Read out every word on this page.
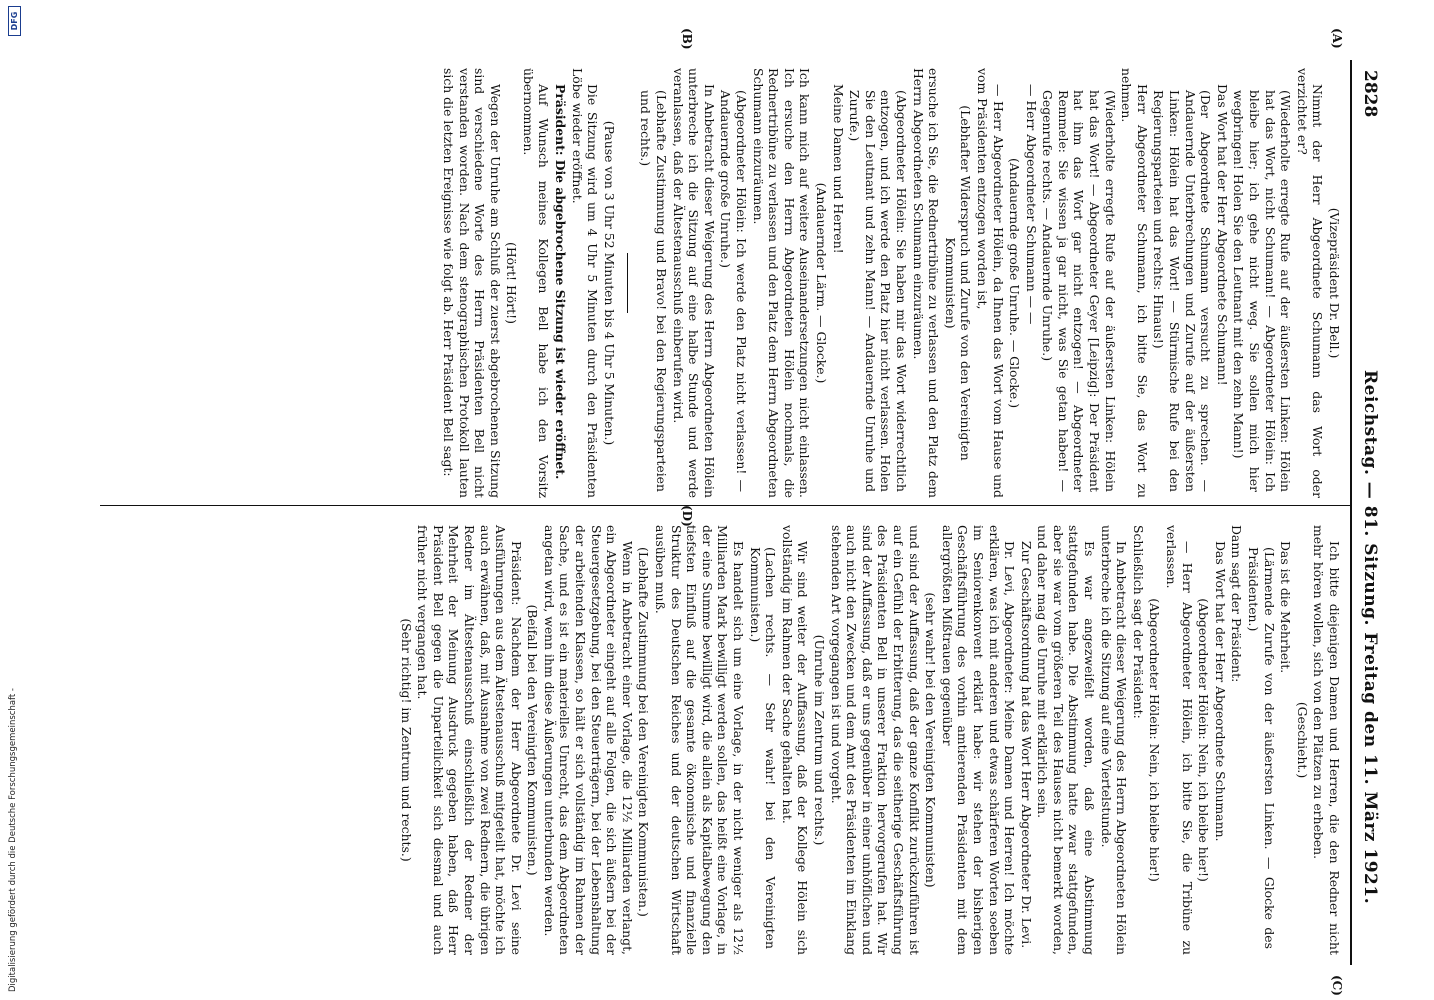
2828
Reichstag. — 81. Sitzung. Freitag den 11. März 1921.
(A)
(B)
(C)
(D)

(Vizepräsident Dr. Bell.)

Nimmt der Herr Abgeordnete Schumann das Wort oder verzichtet er?

(Wiederholte erregte Rufe auf der äußersten Linken: Hölein hat das Wort, nicht Schumann! — Abgeordneter Hölein: Ich bleibe hier; ich gehe nicht weg. Sie sollen mich hier wegbringen! Holen Sie den Leutnant mit den zehn Mann!)

Das Wort hat der Herr Abgeordnete Schumann!

(Der Abgeordnete Schumann versucht zu sprechen. — Andauernde Unterbrechungen und Zurufe auf der äußersten Linken: Hölein hat das Wort! — Stürmische Rufe bei den Regierungsparteien und rechts: Hinaus!)

Herr Abgeordneter Schumann, ich bitte Sie, das Wort zu nehmen.

(Wiederholte erregte Rufe auf der äußersten Linken: Hölein hat das Wort! — Abgeordneter Geyer [Leipzig]: Der Präsident hat ihm das Wort gar nicht entzogen! — Abgeordneter Remmele: Sie wissen ja gar nicht, was Sie getan haben! — Gegenrufe rechts. — Andauernde Unruhe.)

— Herr Abgeordneter Schumann — —

(Andauernde große Unruhe. — Glocke.)

— Herr Abgeordneter Hölein, da Ihnen das Wort vom Hause und vom Präsidenten entzogen worden ist,

(Lebhafter Widerspruch und Zurufe von den Vereinigten Kommunisten)

ersuche ich Sie, die Rednertribüne zu verlassen und den Platz dem Herrn Abgeordneten Schumann einzuräumen.

(Abgeordneter Hölein: Sie haben mir das Wort widerrechtlich entzogen, und ich werde den Platz hier nicht verlassen. Holen Sie den Leutnant und zehn Mann! — Andauernde Unruhe und Zurufe.)

Meine Damen und Herren!

(Andauernder Lärm. — Glocke.)

Ich kann mich auf weitere Auseinandersetzungen nicht einlassen. Ich ersuche den Herrn Abgeordneten Hölein nochmals, die Rednertribüne zu verlassen und den Platz dem Herrn Abgeordneten Schumann einzuräumen.

(Abgeordneter Hölein: Ich werde den Platz nicht verlassen! — Andauernde große Unruhe.)

In Anbetracht dieser Weigerung des Herrn Abgeordneten Hölein unterbreche ich die Sitzung auf eine halbe Stunde und werde veranlassen, daß der Ältestenausschuß einberufen wird.

(Lebhafte Zustimmung und Bravo! bei den Regierungsparteien und rechts.)

(Pause von 3 Uhr 52 Minuten bis 4 Uhr 5 Minuten.)

Die Sitzung wird um 4 Uhr 5 Minuten durch den Präsidenten Löbe wieder eröffnet.

Präsident: Die abgebrochene Sitzung ist wieder eröffnet.

Auf Wunsch meines Kollegen Bell habe ich den Vorsitz übernommen.

(Hört! Hört!)

Wegen der Unruhe am Schluß der zuerst abgebrochenen Sitzung sind verschiedene Worte des Herrn Präsidenten Bell nicht verstanden worden. Nach dem stenographischen Protokoll lauten sich die letzten Ereignisse wie folgt ab. Herr Präsident Bell sagt:

Ich bitte diejenigen Damen und Herren, die den Redner nicht mehr hören wollen, sich von den Plätzen zu erheben.

(Geschieht.)

Das ist die Mehrheit.

(Lärmende Zurufe von der äußersten Linken. — Glocke des Präsidenten.)

Dann sagt der Präsident:

Das Wort hat der Herr Abgeordnete Schumann.

(Abgeordneter Hölein: Nein, ich bleibe hier!)

— Herr Abgeordneter Hölein, ich bitte Sie, die Tribüne zu verlassen.

(Abgeordneter Hölein: Nein, ich bleibe hier!)

Schließlich sagt der Präsident:

In Anbetracht dieser Weigerung des Herrn Abgeordneten Hölein unterbreche ich die Sitzung auf eine Viertelstunde.

Es war angezweifelt worden, daß eine Abstimmung stattgefunden habe. Die Abstimmung hatte zwar stattgefunden, aber sie war vom größeren Teil des Hauses nicht bemerkt worden, und daher mag die Unruhe mit erklärlich sein.

Zur Geschäftsordnung hat das Wort Herr Abgeordneter Dr. Levi.

Dr. Levi, Abgeordneter: Meine Damen und Herren! Ich möchte erklären, was ich mit anderen und etwas schärferen Worten soeben im Seniorenkonvent erklärt habe: wir stehen der bisherigen Geschäftsführung des vorhin amtierenden Präsidenten mit dem allergrößten Mißtrauen gegenüber

(sehr wahr! bei den Vereinigten Kommunisten)

und sind der Auffassung, daß der ganze Konflikt zurückzuführen ist auf ein Gefühl der Erbitterung, das die seitherige Geschäftsführung des Präsidenten Bell in unserer Fraktion hervorgerufen hat. Wir sind der Auffassung, daß er uns gegenüber in einer unhöflichen und auch nicht den Zwecken und dem Amt des Präsidenten im Einklang stehenden Art vorgegangen ist und vorgeht.

(Unruhe im Zentrum und rechts.)

Wir sind weiter der Auffassung, daß der Kollege Hölein sich vollständig im Rahmen der Sache gehalten hat.

(Lachen rechts. — Sehr wahr! bei den Vereinigten Kommunisten.)

Es handelt sich um eine Vorlage, in der nicht weniger als 12½ Milliarden Mark bewilligt werden sollen, das heißt eine Vorlage, in der eine Summe bewilligt wird, die allein als Kapitalbewegung den tiefsten Einfluß auf die gesamte ökonomische und finanzielle Struktur des Deutschen Reiches und der deutschen Wirtschaft ausüben muß.

(Lebhafte Zustimmung bei den Vereinigten Kommunisten.)

Wenn in Anbetracht einer Vorlage, die 12½ Milliarden verlangt, ein Abgeordneter eingeht auf alle Folgen, die sich äußern bei der Steuergesetzgebung, bei den Steuerträgern, bei der Lebenshaltung der arbeitenden Klassen, so hält er sich vollständig im Rahmen der Sache, und es ist ein materielles Unrecht, das dem Abgeordneten angetan wird, wenn ihm diese Äußerungen unterbunden werden.

(Beifall bei den Vereinigten Kommunisten.)

Präsident: Nachdem der Herr Abgeordnete Dr. Levi seine Ausführungen aus dem Ältestenausschuß mitgeteilt hat, möchte ich auch erwähnen, daß, mit Ausnahme von zwei Rednern, die übrigen Redner im Ältestenausschuß einschließlich der Redner der Mehrheit der Meinung Ausdruck gegeben haben, daß Herr Präsident Bell gegen die Unparteilichkeit sich diesmal und auch früher nicht vergangen hat.

(Sehr richtig! im Zentrum und rechts.)

Digitalisierung gefördert durch die Deutsche Forschungsgemeinschaft -
DFG
